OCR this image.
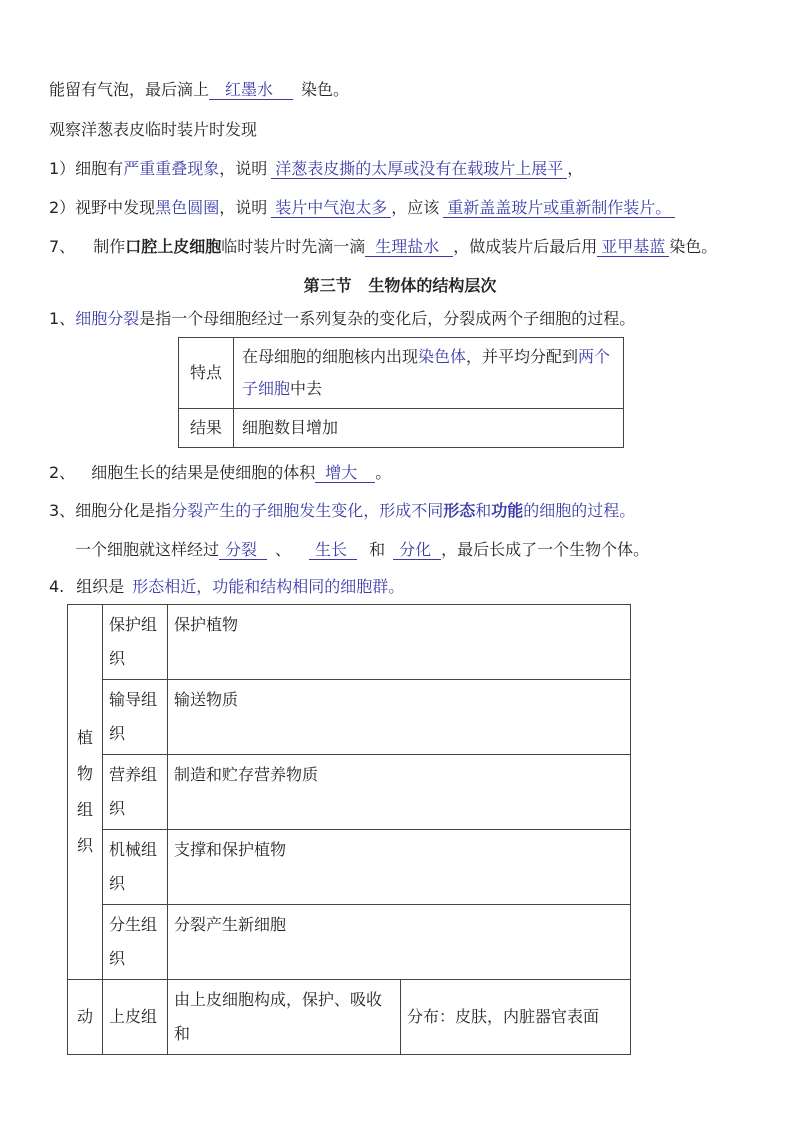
能留有气泡，最后滴上 红墨水 染色。
观察洋葱表皮临时装片时发现
1）细胞有严重重叠现象，说明 洋葱表皮撕的太厚或没有在载玻片上展平 ，
2）视野中发现黑色圆圈，说明 装片中气泡太多 ，应该 重新盖盖玻片或重新制作装片。
7、 制作口腔上皮细胞临时装片时先滴一滴 生理盐水 ，做成装片后最后用 亚甲基蓝 染色。
第三节   生物体的结构层次
1、细胞分裂是指一个母细胞经过一系列复杂的变化后，分裂成两个子细胞的过程。
特点	在母细胞的细胞核内出现染色体，并平均分配到两个
子细胞中去
结果	细胞数目增加
2、 细胞生长的结果是使细胞的体积 增大 。
3、细胞分化是指分裂产生的子细胞发生变化，形成不同形态和功能的细胞的过程。
一个细胞就这样经过 分裂 、 生长 和 分化 ，最后长成了一个生物个体。
4. 组织是 形态相近，功能和结构相同的细胞群。
植
物
组
织	保护组织	保护植物	
	输导组织	输送物质	
	营养组织	制造和贮存营养物质	
	机械组织	支撑和保护植物	
	分生组织	分裂产生新细胞	
动	上皮组	由上皮细胞构成，保护、吸收和	分布：皮肤，内脏器官表面
